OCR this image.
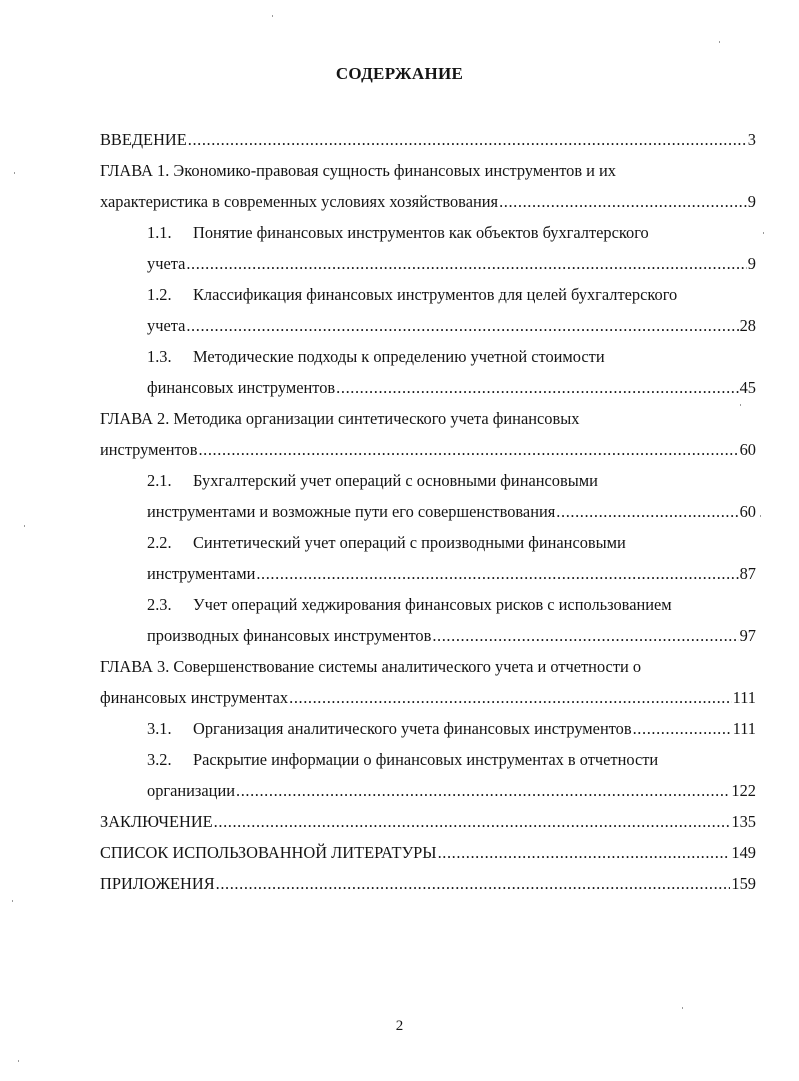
СОДЕРЖАНИЕ
ВВЕДЕНИЕ .....	3
ГЛАВА 1. Экономико-правовая сущность финансовых инструментов и их
характеристика в современных условиях хозяйствования .....	9
1.1. Понятие финансовых инструментов как объектов бухгалтерского
учета .....	9
1.2. Классификация финансовых инструментов для целей бухгалтерского
учета .....	28
1.3. Методические подходы к определению учетной стоимости
финансовых инструментов .....	45
ГЛАВА 2. Методика организации синтетического учета финансовых
инструментов .....	60
2.1. Бухгалтерский учет операций с основными финансовыми
инструментами и возможные пути его совершенствования .....	60
2.2. Синтетический учет операций с производными финансовыми
инструментами .....	87
2.3. Учет операций хеджирования финансовых рисков с использованием
производных финансовых инструментов .....	97
ГЛАВА 3. Совершенствование системы аналитического учета и отчетности о
финансовых инструментах .....	111
3.1. Организация аналитического учета финансовых инструментов .....	111
3.2. Раскрытие информации о финансовых инструментах в отчетности
организации .....	122
ЗАКЛЮЧЕНИЕ .....	135
СПИСОК ИСПОЛЬЗОВАННОЙ ЛИТЕРАТУРЫ .....	149
ПРИЛОЖЕНИЯ .....	159

2
